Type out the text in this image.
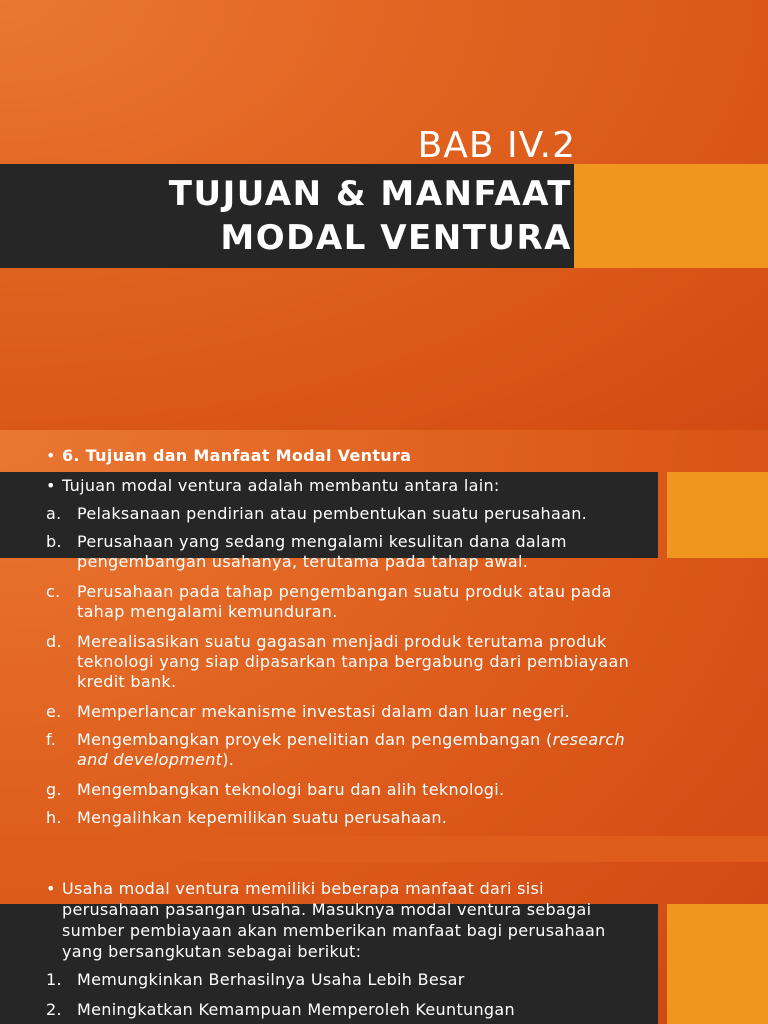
BAB IV.2
TUJUAN & MANFAAT
MODAL VENTURA
• 6. Tujuan dan Manfaat Modal Ventura
• Tujuan modal ventura adalah membantu antara lain:
a. Pelaksanaan pendirian atau pembentukan suatu perusahaan.
b. Perusahaan yang sedang mengalami kesulitan dana dalam pengembangan usahanya, terutama pada tahap awal.
c.	Perusahaan pada tahap pengembangan suatu produk atau pada tahap mengalami kemunduran.
d. Merealisasikan suatu gagasan menjadi produk terutama produk teknologi yang siap dipasarkan tanpa bergabung dari pembiayaan kredit bank.
e. Memperlancar mekanisme investasi dalam dan luar negeri.
f.	Mengembangkan proyek penelitian dan pengembangan (research and development).
g. Mengembangkan teknologi baru dan alih teknologi.
h. Mengalihkan kepemilikan suatu perusahaan.
• Usaha modal ventura memiliki beberapa manfaat dari sisi perusahaan pasangan usaha. Masuknya modal ventura sebagai sumber pembiayaan akan memberikan manfaat bagi perusahaan yang bersangkutan sebagai berikut:
1. Memungkinkan Berhasilnya Usaha Lebih Besar
2. Meningkatkan Kemampuan Memperoleh Keuntungan
